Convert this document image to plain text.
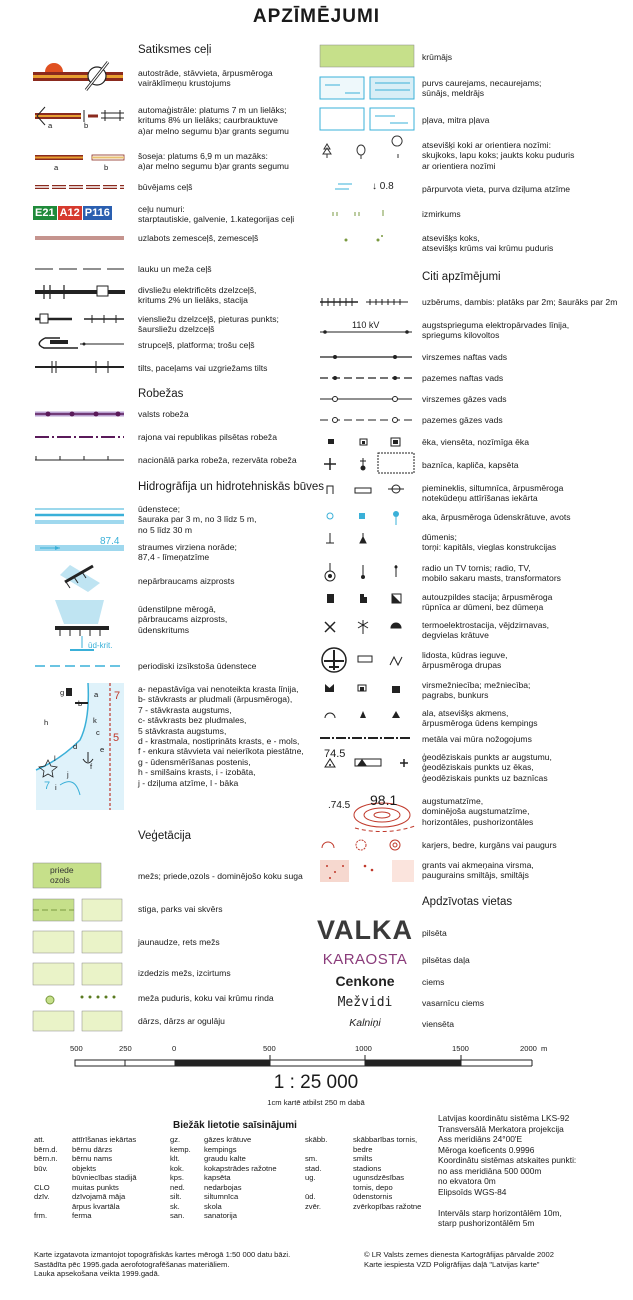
APZĪMĒJUMI
Satiksmes ceļi
autostrāde, stāvvieta, ārpusmēroga
vairāklīmeņu krustojums
automaģistrāle: platums 7 m un lielāks;
kritums 8% un lielāks; caurbrauktuve
a)ar melno segumu b)ar grants segumu
a	b
šoseja: platums 6,9 m un mazāks:
a)ar melno segumu b)ar grants segumu
a	b
būvējams ceļš
E21 A12 P116	ceļu numuri:
starptautiskie, galvenie, 1.kategorijas ceļi
uzlabots zemesceļš, zemesceļš
lauku un meža ceļš
divsliežu elektrificēts dzelzceļš,
kritums 2% un lielāks, stacija
viensliežu dzelzceļš, pieturas punkts;
šaursliežu dzelzceļš
strupceļš, platforma; trošu ceļš
tilts, paceļams vai uzgriežams tilts
Robežas
valsts robeža
rajona vai republikas pilsētas robeža
nacionālā parka robeža, rezervāta robeža
Hidrogrāfija un hidrotehniskās būves
ūdenstece;
šauraka par 3 m, no 3 līdz 5 m,
no 5 līdz 30 m
87.4 straumes virziena norāde;
87,4 - līmeņatzīme
nepārbraucams aizprosts
ūdenstilpne mērogā,
pārbraucams aizprosts,
ūdenskritums
ūd-krit.
periodiski izsīkstoša ūdenstece
g	a
b
c
d	e
f
h
i
j
k
l
7
5
7
a- nepastāvīga vai nenoteikta krasta līnija,
b- stāvkrasts ar pludmali (ārpusmēroga),
7 - stāvkrasta augstums,
c- stāvkrasts bez pludmales,
5 stāvkrasta augstums,
d - krastmala, nostiprināts krasts, e - mols,
f - enkura stāvvieta vai neierīkota piestātne,
g - ūdensmērīšanas postenis,
h - smilšains krasts, i - izobāta,
j - dziļuma atzīme, l - bāka
Veģetācija
priede
ozols	mežs; priede,ozols - dominējošo koku suga
stiga, parks vai skvērs
jaunaudze, rets mežs
izdedzis mežs, izcirtums
meža puduris, koku vai krūmu rinda
dārzs, dārzs ar ogulāju
krūmājs
purvs caurejams, necaurejams;
sūnājs, meldrājs
pļava, mitra pļava
atsevišķi koki ar orientiera nozīmi:
skujkoks, lapu koks; jaukts koku puduris
ar orientiera nozīmi
↓ 0.8	pārpurvota vieta, purva dziļuma atzīme
izmirkums
atsevišķs koks,
atsevišķs krūms vai krūmu puduris
Citi apzīmējumi
uzbērums, dambis: platāks par 2m; šaurāks par 2m
110 kV	augstsprieguma elektropārvades līnija,
spriegums kilovoltos
virszemes naftas vads
pazemes naftas vads
virszemes gāzes vads
pazemes gāzes vads
ēka, viensēta, nozīmīga ēka
baznīca, kapliča, kapsēta
piemineklis, siltumnīca, ārpusmēroga
notekūdeņu attīrīšanas iekārta
aka, ārpusmēroga ūdenskrātuve, avots
dūmenis;
torņi: kapitāls, vieglas konstrukcijas
radio un TV tornis; radio, TV,
mobilo sakaru masts, transformators
autouzpildes stacija; ārpusmēroga
rūpnīca ar dūmeni, bez dūmeņa
termoelektrostacija, vējdzirnavas,
degvielas krātuve
lidosta, kūdras ieguve,
ārpusmēroga drupas
virsmežniecība; mežniecība;
pagrabs, bunkurs
ala, atsevišķs akmens,
ārpusmēroga ūdens kempings
metāla vai mūra nožogojums
74.5	ģeodēziskais punkts ar augstumu,
ģeodēziskais punkts uz ēkas,
ģeodēziskais punkts uz baznīcas
.74.5 98.1	augstumatzīme,
dominējoša augstumatzīme,
horizontāles, pushorizontāles
karjers, bedre, kurgāns vai paugurs
grants vai akmeņaina virsma,
paugurains smiltājs, smiltājs
Apdzīvotas vietas
VALKA	pilsēta
KARAOSTA	pilsētas daļa
Cenkone	ciems
Mežvidi	vasarnīcu ciems
Kalniņi	viensēta
500	250	0	500	1000	1500	2000 m
1 : 25 000
1cm kartē atbilst 250 m dabā
Biežāk lietotie saīsinājumi
att.	attīrīšanas iekārtas
bērn.d.	bērnu dārzs
bērn.n.	bērnu nams
būv.	objekts
būvniecības stadijā
CLO	muitas punkts
dzīv.	dzīvojamā māja
ārpus kvartāla
frm.	ferma
gz.	gāzes krātuve
kemp.	kempings
klt.	graudu kalte
kok.	kokapstrādes ražotne
kps.	kapsēta
ned.	nedarbojas
silt.	siltumnīca
sk.	skola
san.	sanatorija
skābb.	skābbarības tornis,
bedre
sm.	smilts
stad.	stadions
ug.	ugunsdzēsības
tornis, depo
ūd.	ūdenstornis
zvēr.	zvērkopības ražotne
Latvijas koordinātu sistēma LKS-92
Transversālā Merkatora projekcija
Ass meridiāns 24°00'E
Mēroga koeficents 0.9996
Koordinātu sistēmas atskaites punkti:
no ass meridiāna 500 000m
no ekvatora 0m
Elipsoīds WGS-84

Intervāls starp horizontālēm 10m,
starp pushorizontālēm 5m
Karte izgatavota izmantojot topogrāfiskās kartes mērogā 1:50 000 datu bāzi.
Sastādīta pēc 1995.gada aerofotografēšanas materiāliem.
Lauka apsekošana veikta 1999.gadā.
© LR Valsts zemes dienesta Kartogrāfijas pārvalde 2002
Karte iespiesta VZD Poligrāfijas daļā "Latvijas karte"
